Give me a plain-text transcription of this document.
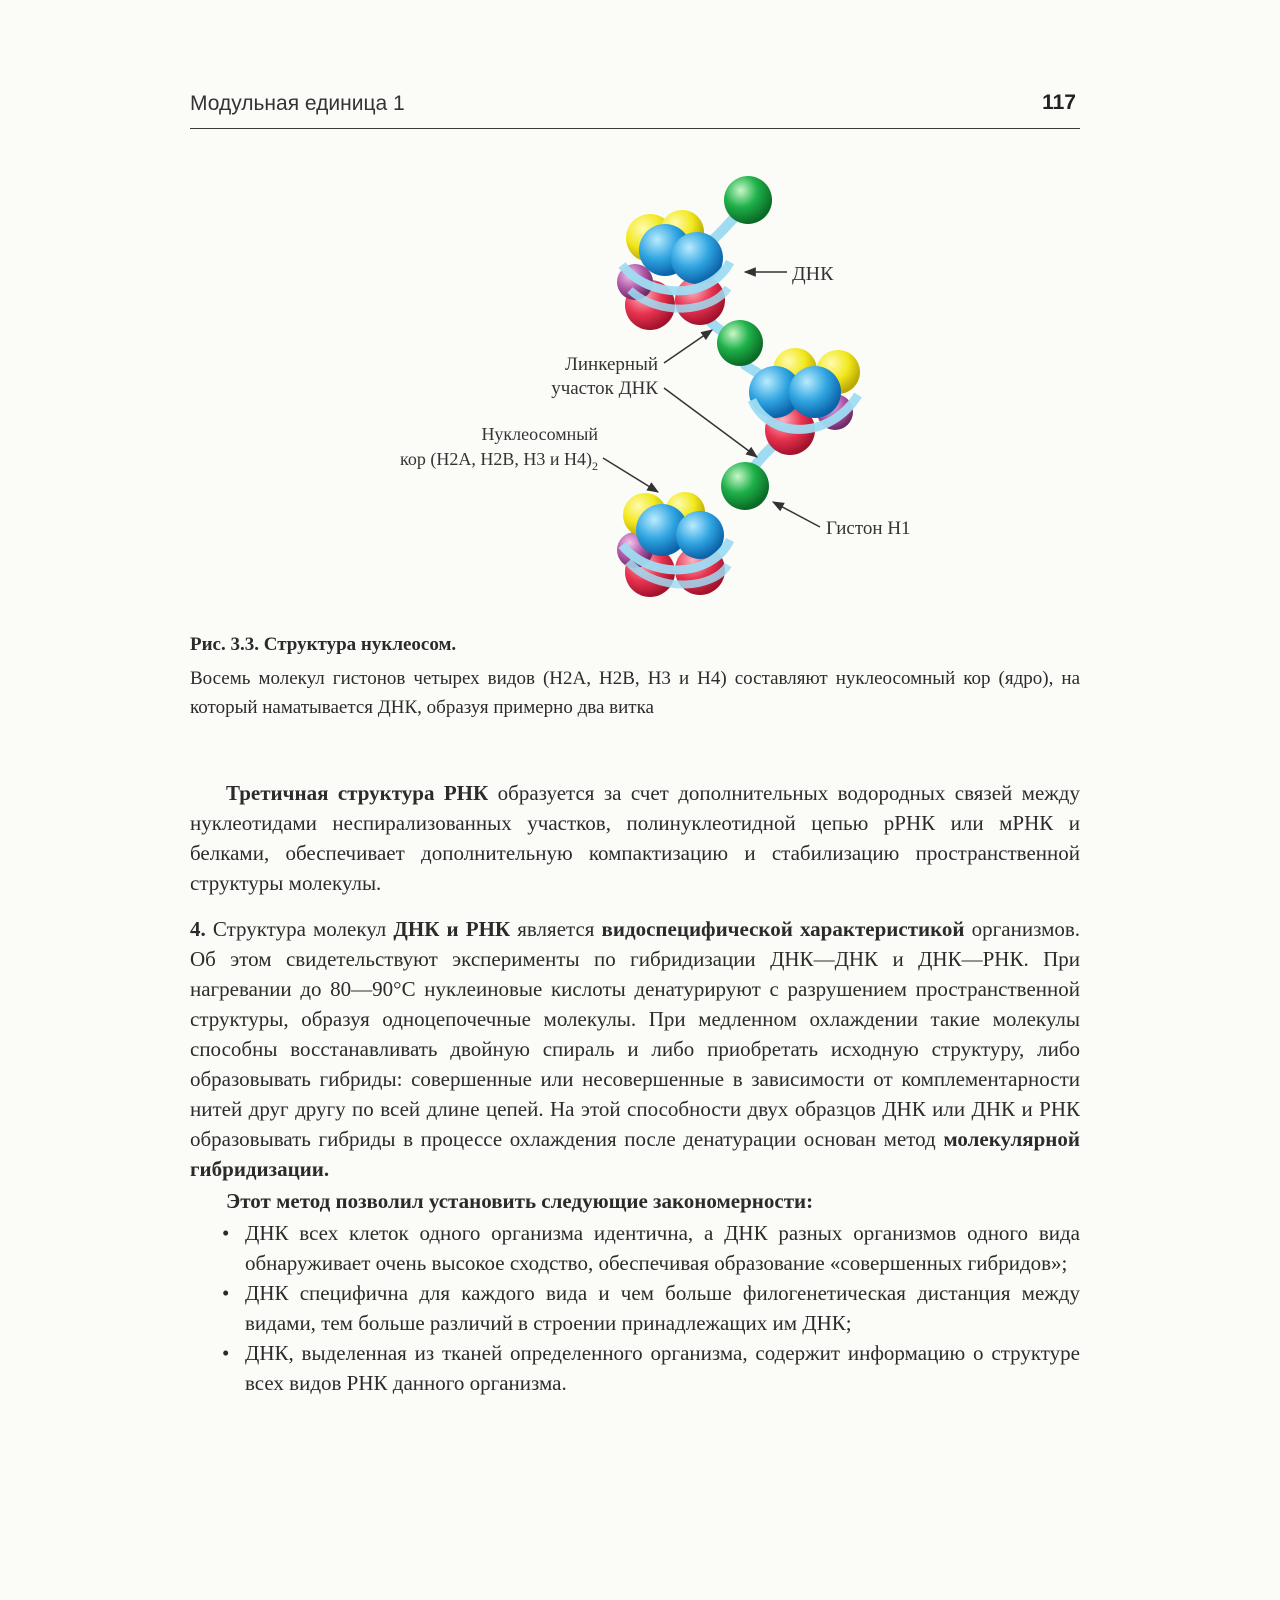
Модульная единица 1	117
ДНК
Линкерный
участок ДНК
Нуклеосомный
кор (Н2А, Н2В, Н3 и $Н4)_2$
Гистон Н1

Рис. 3.3. Структура нуклеосом.

Восемь молекул гистонов четырех видов (Н2А, Н2В, Н3 и Н4) составляют нуклеосомный кор (ядро), на который наматывается ДНК, образуя примерно два витка

Третичная структура РНК образуется за счет дополнительных водородных связей между нуклеотидами неспирализованных участков, полинуклеотидной цепью рРНК или мРНК и белками, обеспечивает дополнительную компактизацию и стабилизацию пространственной структуры молекулы.

4. Структура молекул ДНК и РНК является видоспецифической характеристикой организмов. Об этом свидетельствуют эксперименты по гибридизации ДНК—ДНК и ДНК—РНК. При нагревании до 80—90°С нуклеиновые кислоты денатурируют с разрушением пространственной структуры, образуя одноцепочечные молекулы. При медленном охлаждении такие молекулы способны восстанавливать двойную спираль и либо приобретать исходную структуру, либо образовывать гибриды: совершенные или несовершенные в зависимости от комплементарности нитей друг другу по всей длине цепей. На этой способности двух образцов ДНК или ДНК и РНК образовывать гибриды в процессе охлаждения после денатурации основан метод молекулярной гибридизации.

Этот метод позволил установить следующие закономерности:

• ДНК всех клеток одного организма идентична, а ДНК разных организмов одного вида обнаруживает очень высокое сходство, обеспечивая образование «совершенных гибридов»;
• ДНК специфична для каждого вида и чем больше филогенетическая дистанция между видами, тем больше различий в строении принадлежащих им ДНК;
• ДНК, выделенная из тканей определенного организма, содержит информацию о структуре всех видов РНК данного организма.
